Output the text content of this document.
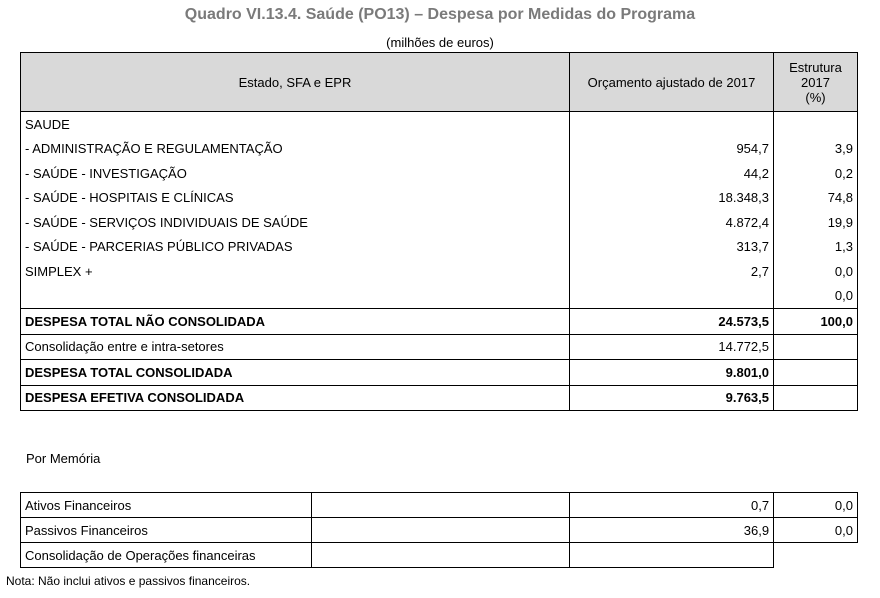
Quadro VI.13.4. Saúde (PO13) – Despesa por Medidas do Programa
(milhões de euros)
Estado, SFA e EPR	Orçamento ajustado de 2017	Estrutura
2017
(%)
SAUDE		
- ADMINISTRAÇÃO E REGULAMENTAÇÃO	954,7	3,9
- SAÚDE - INVESTIGAÇÃO	44,2	0,2
- SAÚDE - HOSPITAIS E CLÍNICAS	18.348,3	74,8
- SAÚDE - SERVIÇOS INDIVIDUAIS DE SAÚDE	4.872,4	19,9
- SAÚDE - PARCERIAS PÚBLICO PRIVADAS	313,7	1,3
SIMPLEX +	2,7	0,0
		0,0
DESPESA TOTAL NÃO CONSOLIDADA	24.573,5	100,0
Consolidação entre e intra-setores	14.772,5	
DESPESA TOTAL CONSOLIDADA	9.801,0	
DESPESA EFETIVA CONSOLIDADA	9.763,5	
Por Memória
Ativos Financeiros		0,7	0,0
Passivos Financeiros		36,9	0,0
Consolidação de Operações financeiras			
Nota: Não inclui ativos e passivos financeiros.
